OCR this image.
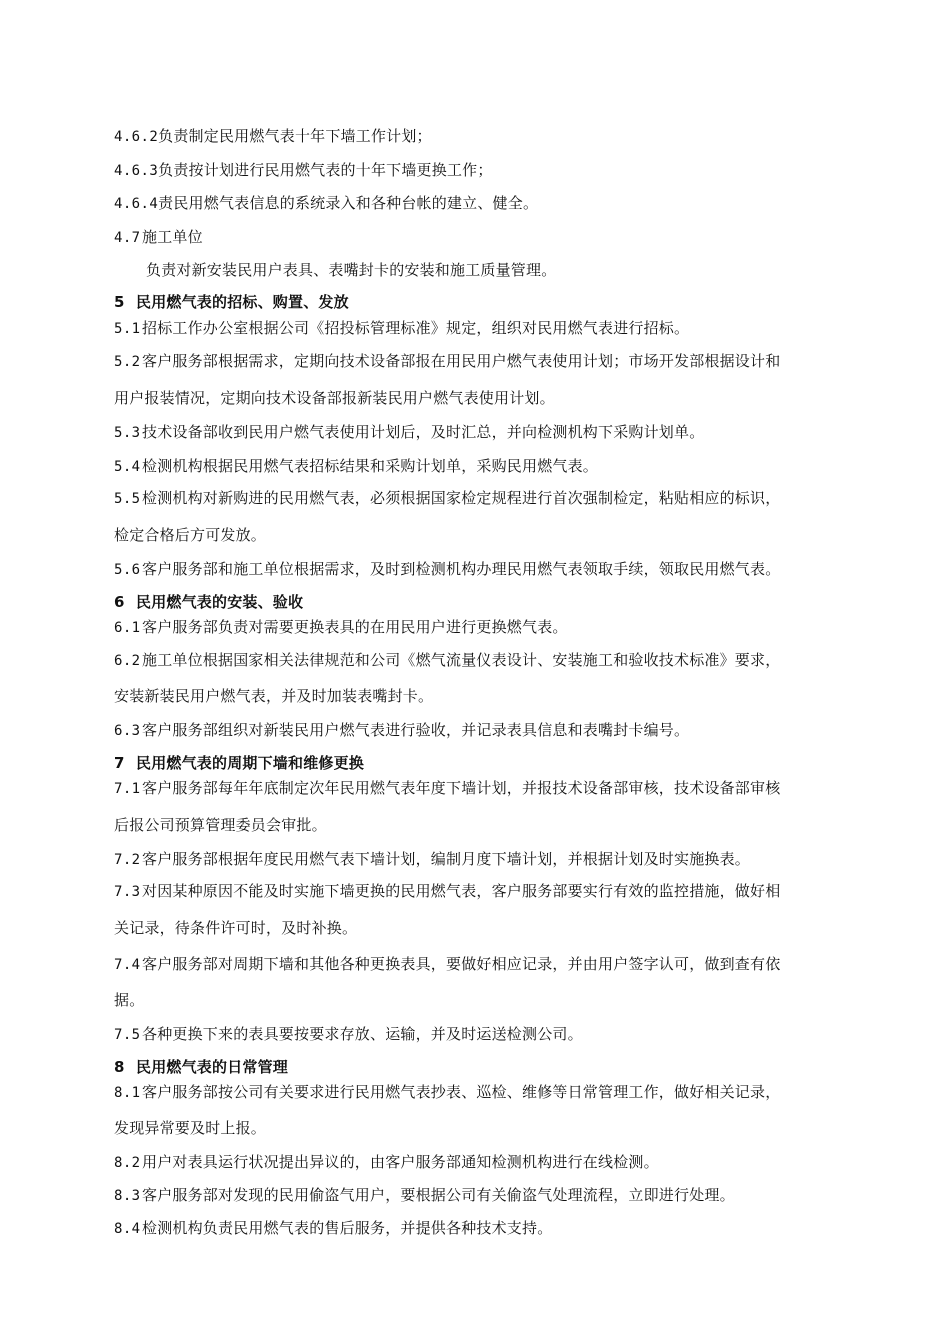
4.6.2负责制定民用燃气表十年下墙工作计划；
4.6.3负责按计划进行民用燃气表的十年下墙更换工作；
4.6.4责民用燃气表信息的系统录入和各种台帐的建立、健全。
4.7 施工单位
负责对新安装民用户表具、表嘴封卡的安装和施工质量管理。
5 民用燃气表的招标、购置、发放
5.1 招标工作办公室根据公司《招投标管理标准》规定，组织对民用燃气表进行招标。
5.2 客户服务部根据需求，定期向技术设备部报在用民用户燃气表使用计划；市场开发部根据设计和
用户报装情况，定期向技术设备部报新装民用户燃气表使用计划。
5.3 技术设备部收到民用户燃气表使用计划后，及时汇总，并向检测机构下采购计划单。
5.4 检测机构根据民用燃气表招标结果和采购计划单，采购民用燃气表。
5.5 检测机构对新购进的民用燃气表，必须根据国家检定规程进行首次强制检定，粘贴相应的标识，
检定合格后方可发放。
5.6 客户服务部和施工单位根据需求，及时到检测机构办理民用燃气表领取手续，领取民用燃气表。
6 民用燃气表的安装、验收
6.1 客户服务部负责对需要更换表具的在用民用户进行更换燃气表。
6.2 施工单位根据国家相关法律规范和公司《燃气流量仪表设计、安装施工和验收技术标准》要求，
安装新装民用户燃气表，并及时加装表嘴封卡。
6.3 客户服务部组织对新装民用户燃气表进行验收，并记录表具信息和表嘴封卡编号。
7 民用燃气表的周期下墙和维修更换
7.1 客户服务部每年年底制定次年民用燃气表年度下墙计划，并报技术设备部审核，技术设备部审核
后报公司预算管理委员会审批。
7.2 客户服务部根据年度民用燃气表下墙计划，编制月度下墙计划，并根据计划及时实施换表。
7.3 对因某种原因不能及时实施下墙更换的民用燃气表，客户服务部要实行有效的监控措施，做好相
关记录，待条件许可时，及时补换。
7.4 客户服务部对周期下墙和其他各种更换表具，要做好相应记录，并由用户签字认可，做到查有依
据。
7.5 各种更换下来的表具要按要求存放、运输，并及时运送检测公司。
8 民用燃气表的日常管理
8.1 客户服务部按公司有关要求进行民用燃气表抄表、巡检、维修等日常管理工作，做好相关记录，
发现异常要及时上报。
8.2 用户对表具运行状况提出异议的，由客户服务部通知检测机构进行在线检测。
8.3 客户服务部对发现的民用偷盗气用户，要根据公司有关偷盗气处理流程，立即进行处理。
8.4 检测机构负责民用燃气表的售后服务，并提供各种技术支持。
